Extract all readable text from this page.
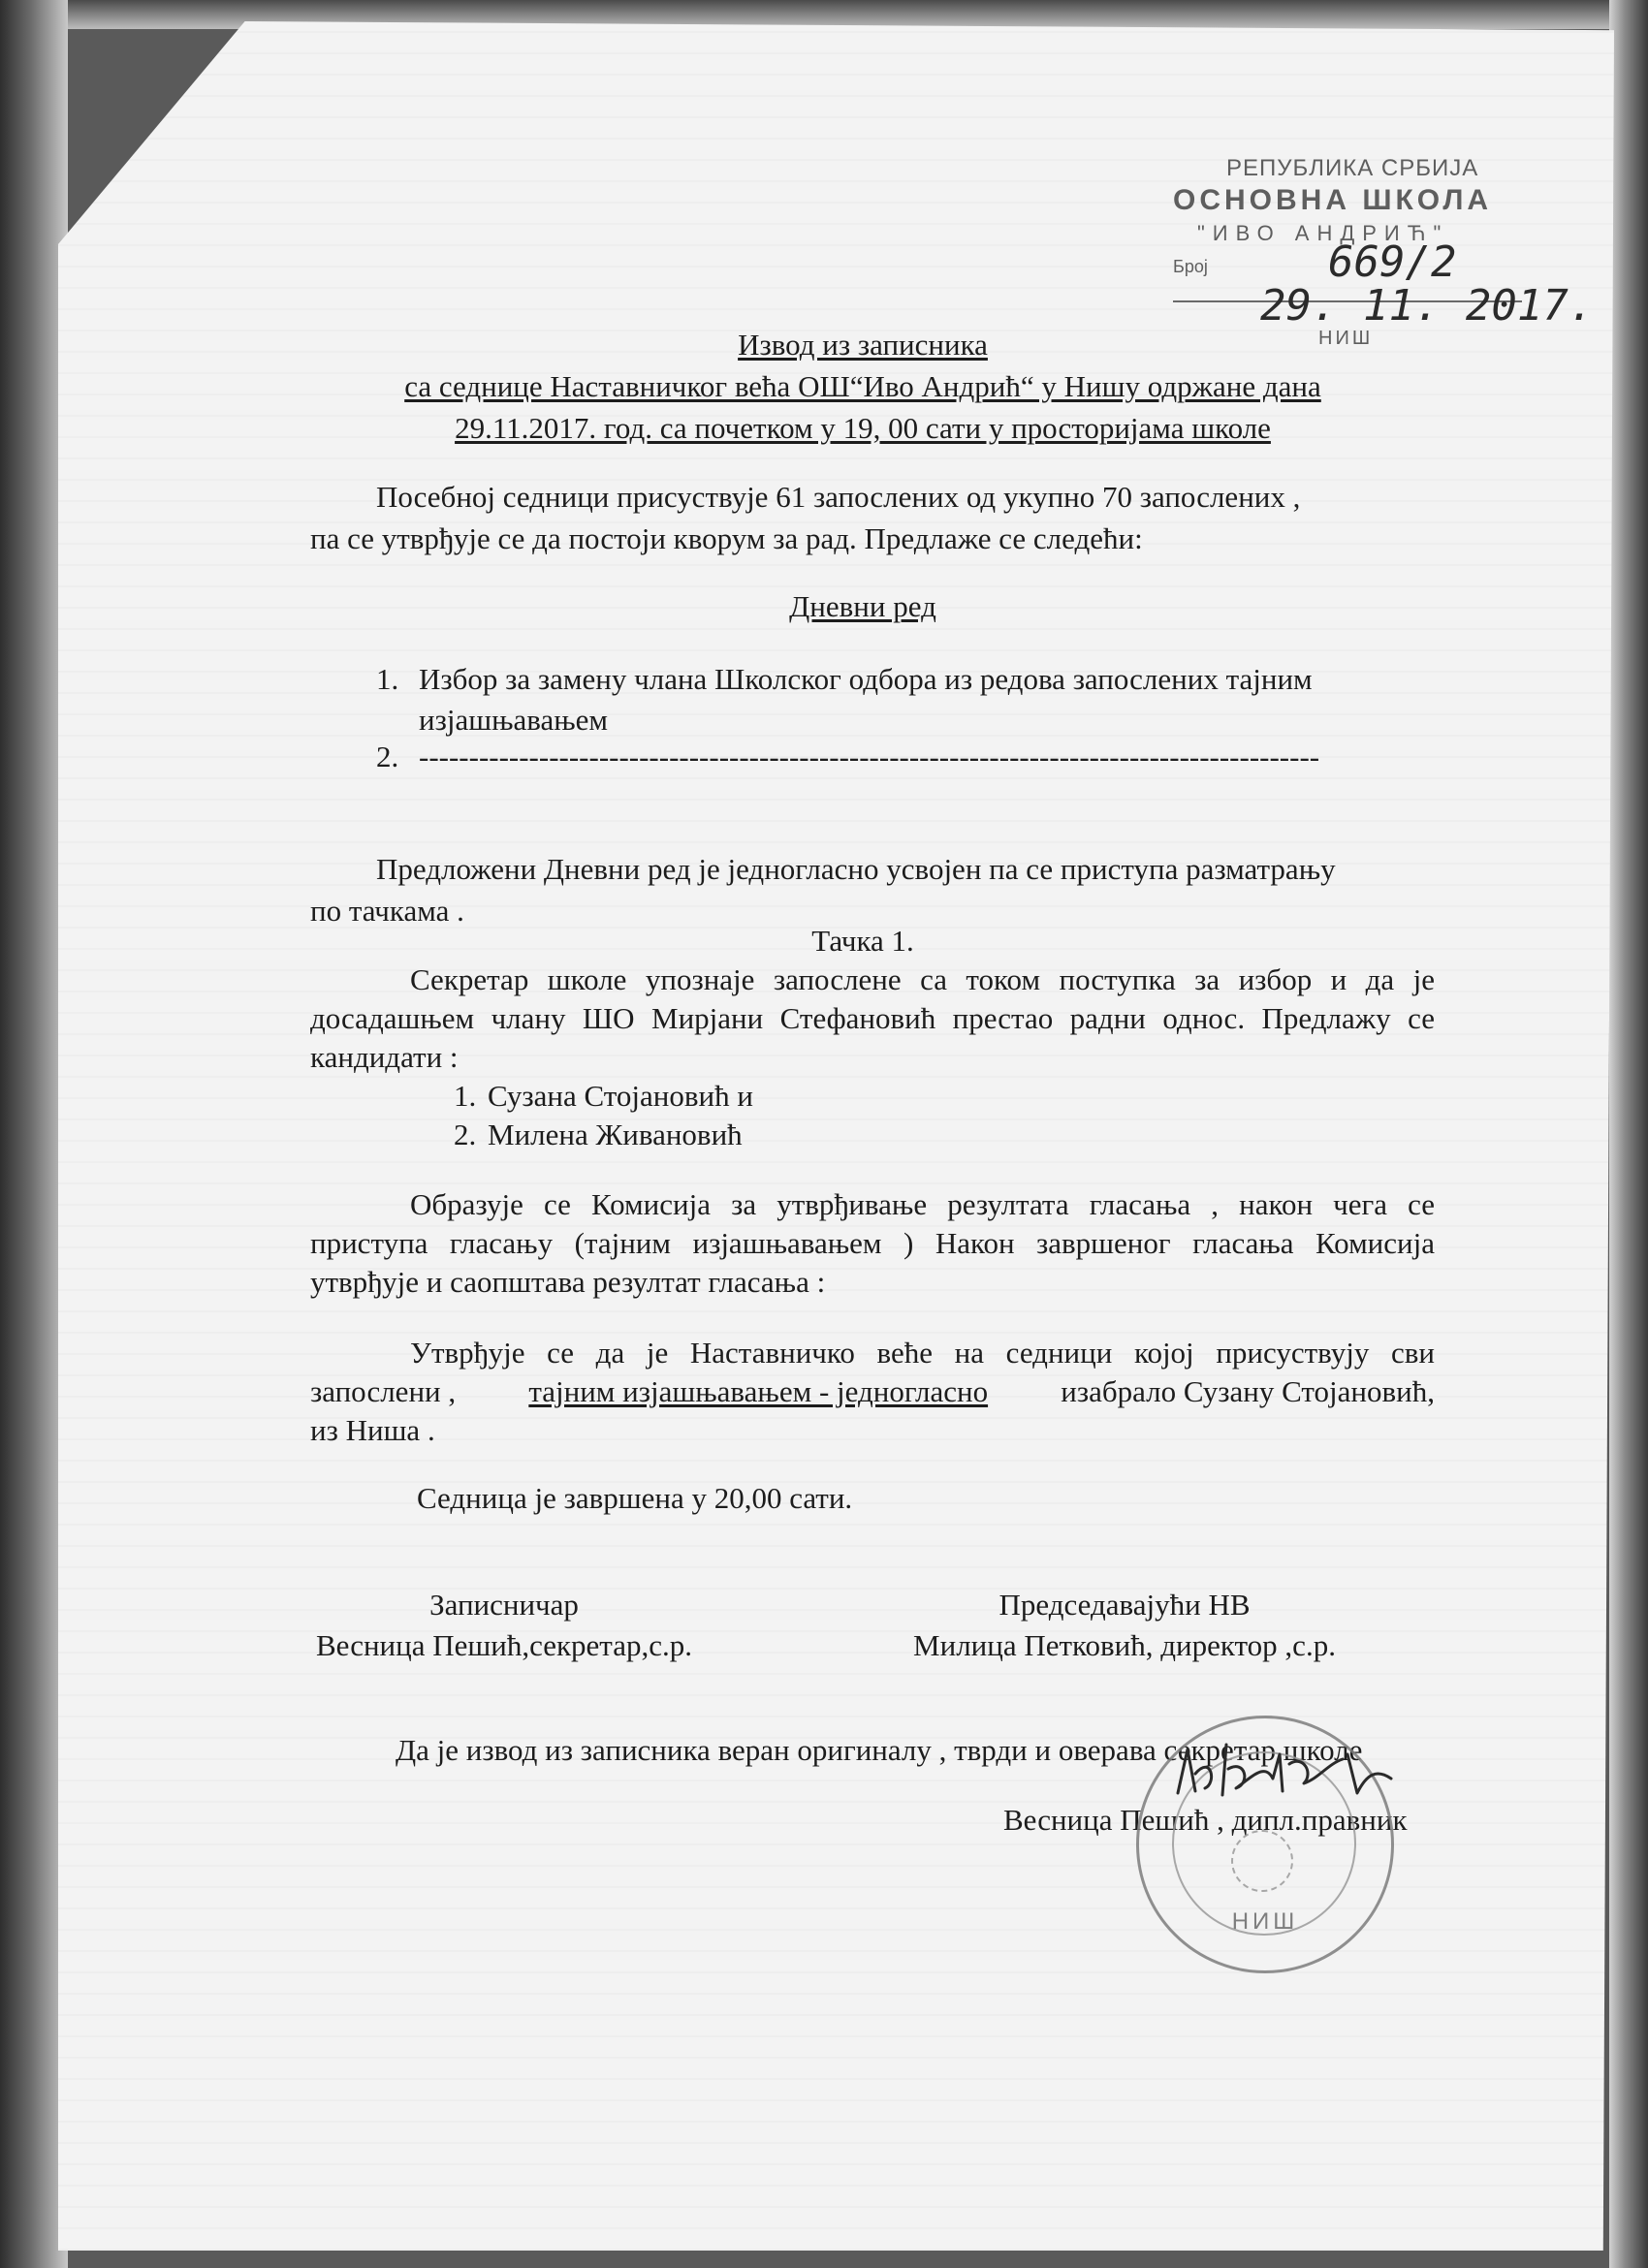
РЕПУБЛИКА СРБИЈА
ОСНОВНА ШКОЛА
"ИВО АНДРИЋ"
Број	669/2
29. 11. 2017.
НИШ
Извод из записника
са седнице Наставничког већа ОШ“Иво Андрић“ у Нишу одржане дана
29.11.2017. год. са почетком у 19, 00 сати у просторијама школе
Посебној седници присуствује 61 запослених од укупно 70 запослених ,
па се утврђује се да постоји кворум за рад. Предлаже се следећи:
Дневни ред
1. Избор за замену члана Школског одбора из редова запослених тајним
изјашњавањем
2. ------------------------------------------------------------------------------------------
Предложени Дневни ред је једногласно усвојен па се приступа разматрању
по тачкама .
Тачка 1.
Секретар школе упознаје запослене са током поступка за избор и да је
досадашњем члану ШО Мирјани Стефановић престао радни однос. Предлажу се
кандидати :
1. Сузана Стојановић и
2. Милена Живановић
Образује се Комисија за утврђивање резултата гласања , након чега се
приступа гласању (тајним изјашњавањем ) Након завршеног гласања Комисија
утврђује и саопштава резултат гласања :
Утврђује се да је Наставничко веће на седници којој присуствују сви
запослени , тајним изјашњавањем - једногласно изабрало Сузану Стојановић,
из Ниша .
Седница је завршена у 20,00 сати.
Записничар
Весница Пешић,секретар,с.р.
Председавајући НВ
Милица Петковић, директор ,с.р.
Да је извод из записника веран оригиналу , тврди и оверава секретар школе
Весница Пешић , дипл.правник
НИШ
